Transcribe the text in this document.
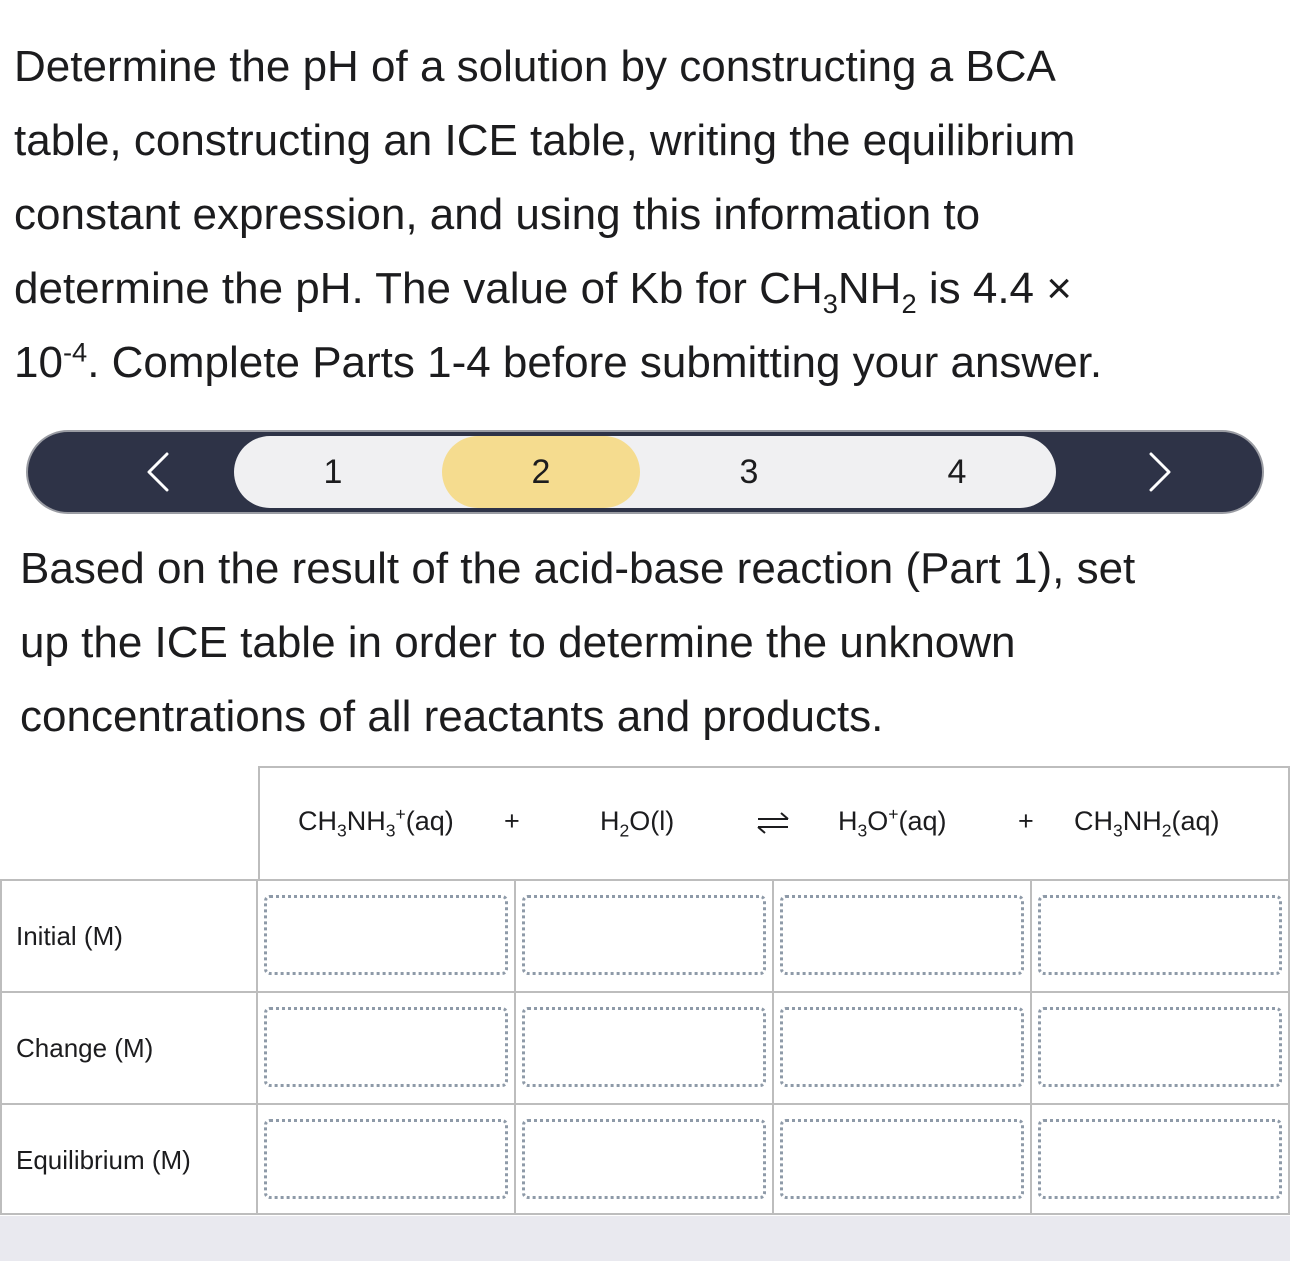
Determine the pH of a solution by constructing a BCA
table, constructing an ICE table, writing the equilibrium
constant expression, and using this information to
determine the pH. The value of Kb for $CH_3NH_2$ is 4.4 ×
$10^{-4}$. Complete Parts 1-4 before submitting your answer.
1	2	3	4
Based on the result of the acid-base reaction (Part 1), set
up the ICE table in order to determine the unknown
concentrations of all reactants and products.
$CH_3NH_3^+(aq)$ +	$H_2O(l)$	$H_3O^+(aq)$	+ $CH_3NH_2(aq)$
Initial (M)
Change (M)
Equilibrium (M)
